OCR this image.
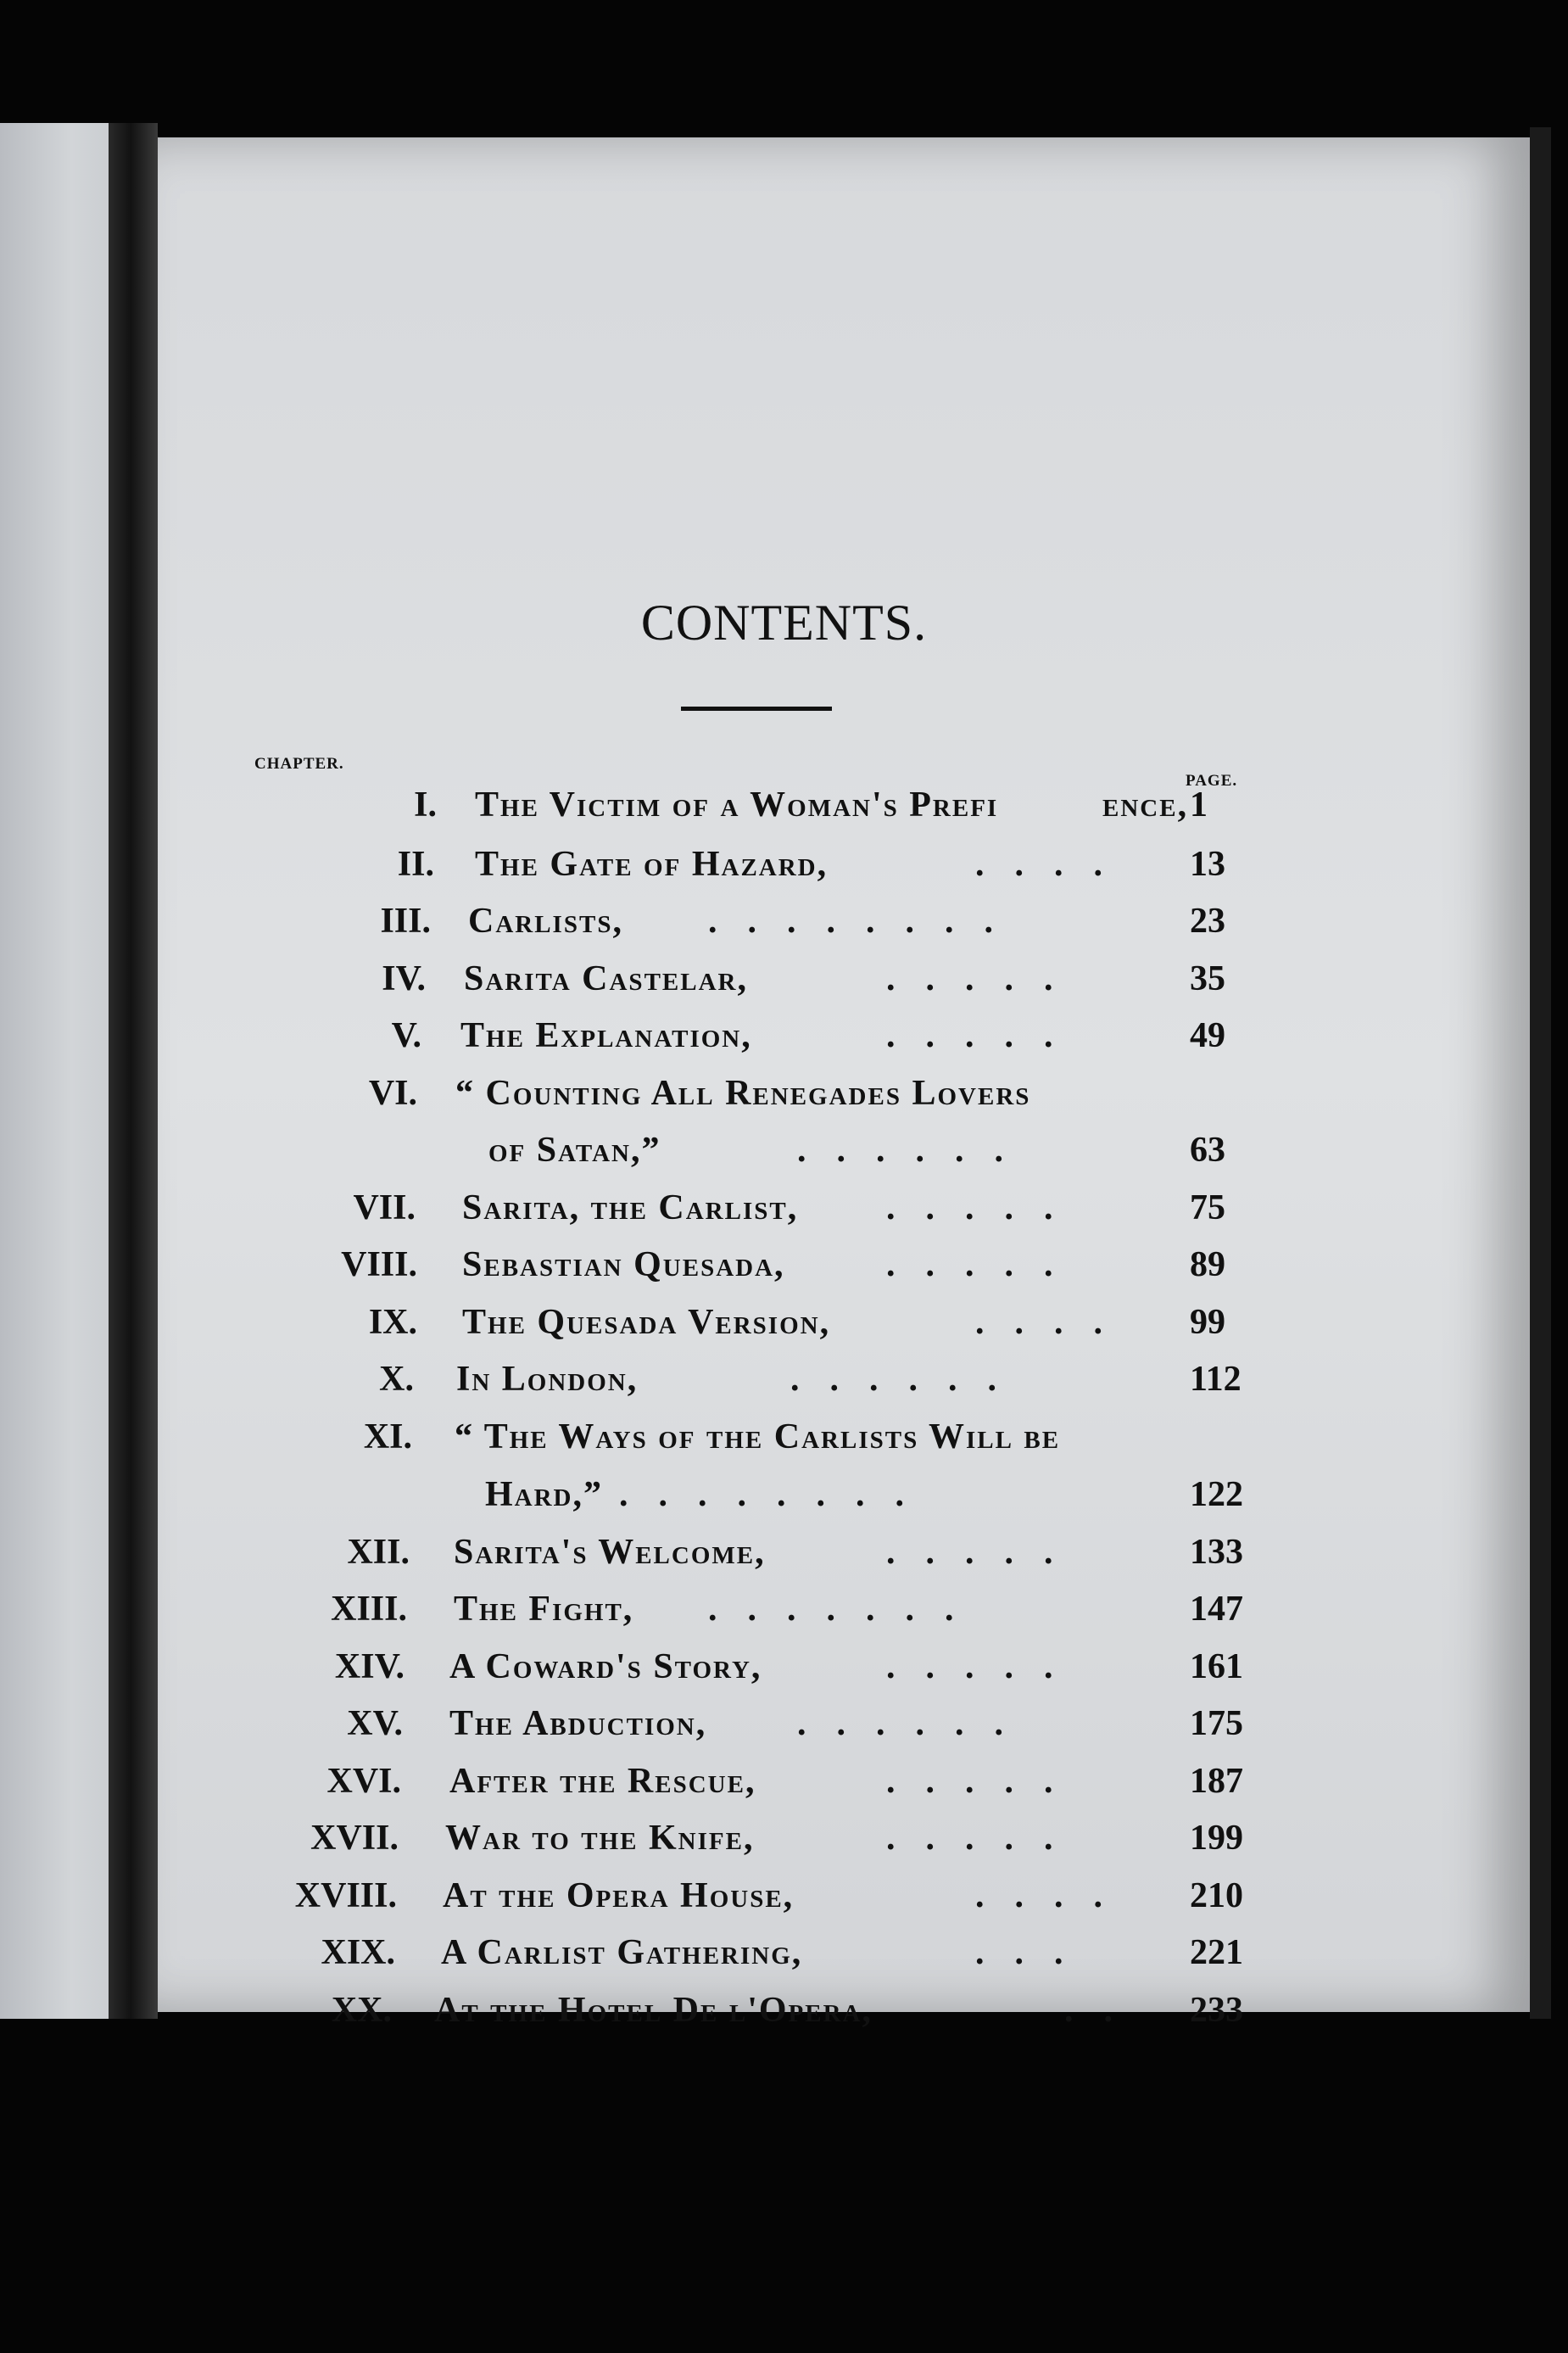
CONTENTS.
CHAPTER.
PAGE.
I. The Victim of a Woman's Prefi	ence, 1
II. The Gate of Hazard,	.... 13
III. Carlists, ........	23
IV. Sarita Castelar,	.....	35
V. The Explanation,	.....	49
VI. “ Counting All Renegades Lovers
of Satan,”	......	63
VII. Sarita, the Carlist, .....	75
VIII. Sebastian Quesada,	.....	89
IX. The Quesada Version,	.... 99
X. In London,	......	112
XI. “ The Ways of the Carlists Will be
Hard,” ........	122
XII. Sarita's Welcome,	.....	133
XIII. The Fight, .......	147
XIV. A Coward's Story,	.....	161
XV. The Abduction,	......	175
XVI. After the Rescue,	.....	187
XVII. War to the Knife,	.....	199
XVIII. At the Opera House,	.... 210
XIX. A Carlist Gathering,	...	221
XX. At the Hotel De l'Opera,	.. 233
